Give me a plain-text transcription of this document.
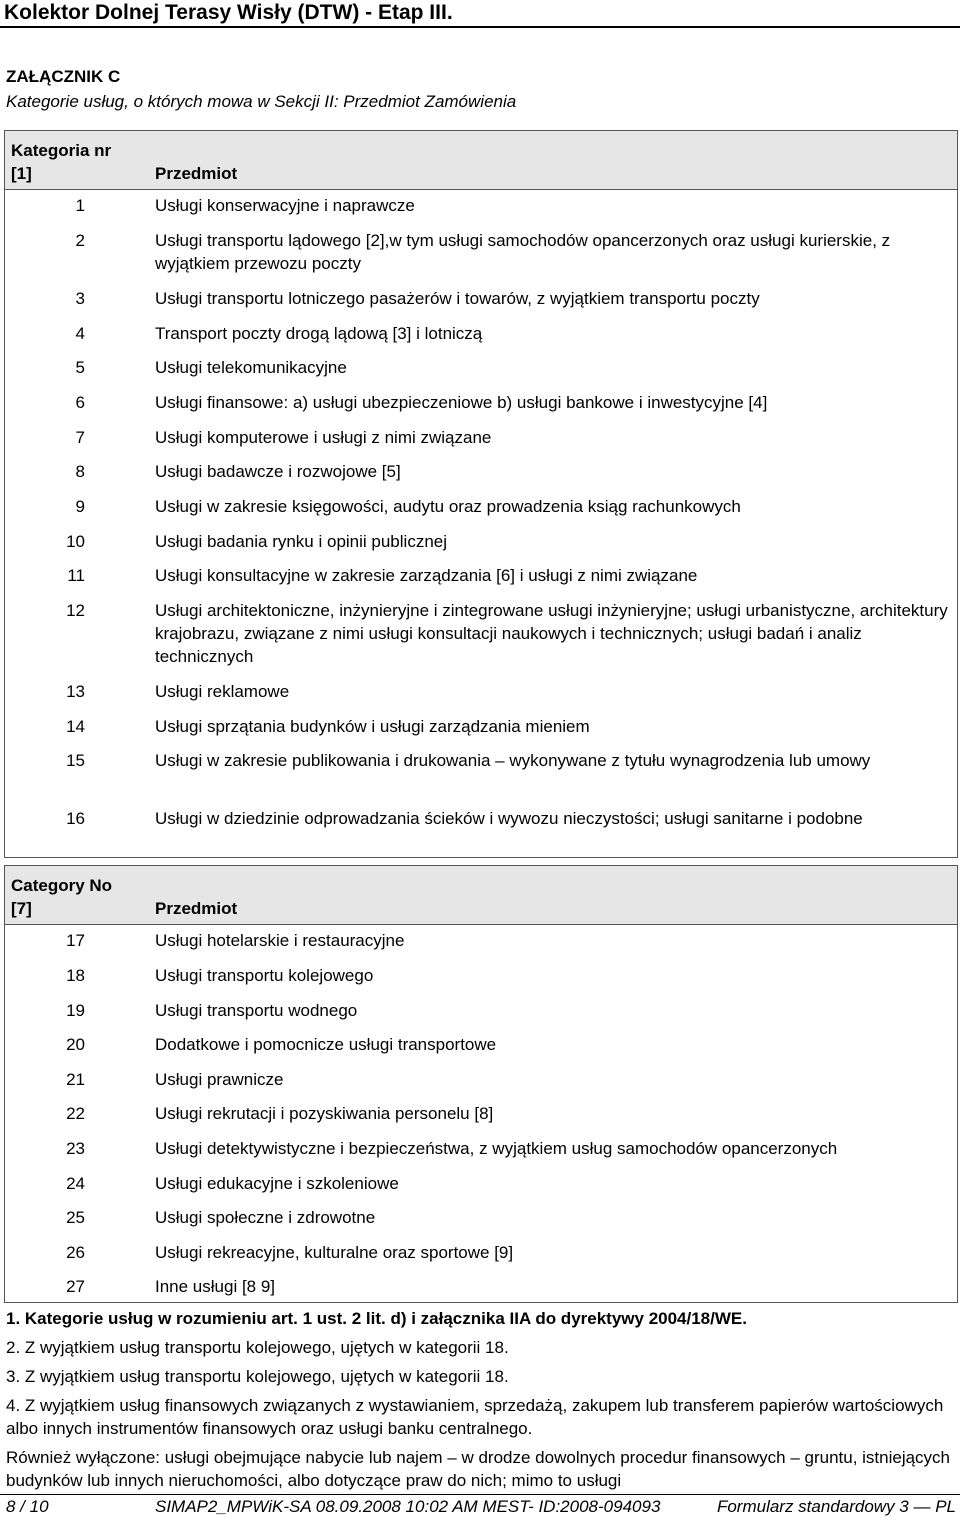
Kolektor Dolnej Terasy Wisły (DTW) - Etap III.
ZAŁĄCZNIK C
Kategorie usług, o których mowa w Sekcji II: Przedmiot Zamówienia
Kategoria nr
[1]	Przedmiot
1	Usługi konserwacyjne i naprawcze
2	Usługi transportu lądowego [2],w tym usługi samochodów opancerzonych oraz usługi kurierskie, z wyjątkiem przewozu poczty
3	Usługi transportu lotniczego pasażerów i towarów, z wyjątkiem transportu poczty
4	Transport poczty drogą lądową [3] i lotniczą
5	Usługi telekomunikacyjne
6	Usługi finansowe: a) usługi ubezpieczeniowe b) usługi bankowe i inwestycyjne [4]
7	Usługi komputerowe i usługi z nimi związane
8	Usługi badawcze i rozwojowe [5]
9	Usługi w zakresie księgowości, audytu oraz prowadzenia ksiąg rachunkowych
10	Usługi badania rynku i opinii publicznej
11	Usługi konsultacyjne w zakresie zarządzania [6] i usługi z nimi związane
12	Usługi architektoniczne, inżynieryjne i zintegrowane usługi inżynieryjne; usługi urbanistyczne, architektury krajobrazu, związane z nimi usługi konsultacji naukowych i technicznych; usługi badań i analiz technicznych
13	Usługi reklamowe
14	Usługi sprzątania budynków i usługi zarządzania mieniem
15	Usługi w zakresie publikowania i drukowania – wykonywane z tytułu wynagrodzenia lub umowy
16	Usługi w dziedzinie odprowadzania ścieków i wywozu nieczystości; usługi sanitarne i podobne
Category No
[7]	Przedmiot
17	Usługi hotelarskie i restauracyjne
18	Usługi transportu kolejowego
19	Usługi transportu wodnego
20	Dodatkowe i pomocnicze usługi transportowe
21	Usługi prawnicze
22	Usługi rekrutacji i pozyskiwania personelu [8]
23	Usługi detektywistyczne i bezpieczeństwa, z wyjątkiem usług samochodów opancerzonych
24	Usługi edukacyjne i szkoleniowe
25	Usługi społeczne i zdrowotne
26	Usługi rekreacyjne, kulturalne oraz sportowe [9]
27	Inne usługi [8 9]

1. Kategorie usług w rozumieniu art. 1 ust. 2 lit. d) i załącznika IIA do dyrektywy 2004/18/WE.

2. Z wyjątkiem usług transportu kolejowego, ujętych w kategorii 18.

3. Z wyjątkiem usług transportu kolejowego, ujętych w kategorii 18.

4. Z wyjątkiem usług finansowych związanych z wystawianiem, sprzedażą, zakupem lub transferem papierów wartościowych albo innych instrumentów finansowych oraz usługi banku centralnego.

Również wyłączone: usługi obejmujące nabycie lub najem – w drodze dowolnych procedur finansowych – gruntu, istniejących budynków lub innych nieruchomości, albo dotyczące praw do nich; mimo to usługi

8 / 10	SIMAP2_MPWiK-SA 08.09.2008 10:02 AM MEST- ID:2008-094093	Formularz standardowy 3 — PL
